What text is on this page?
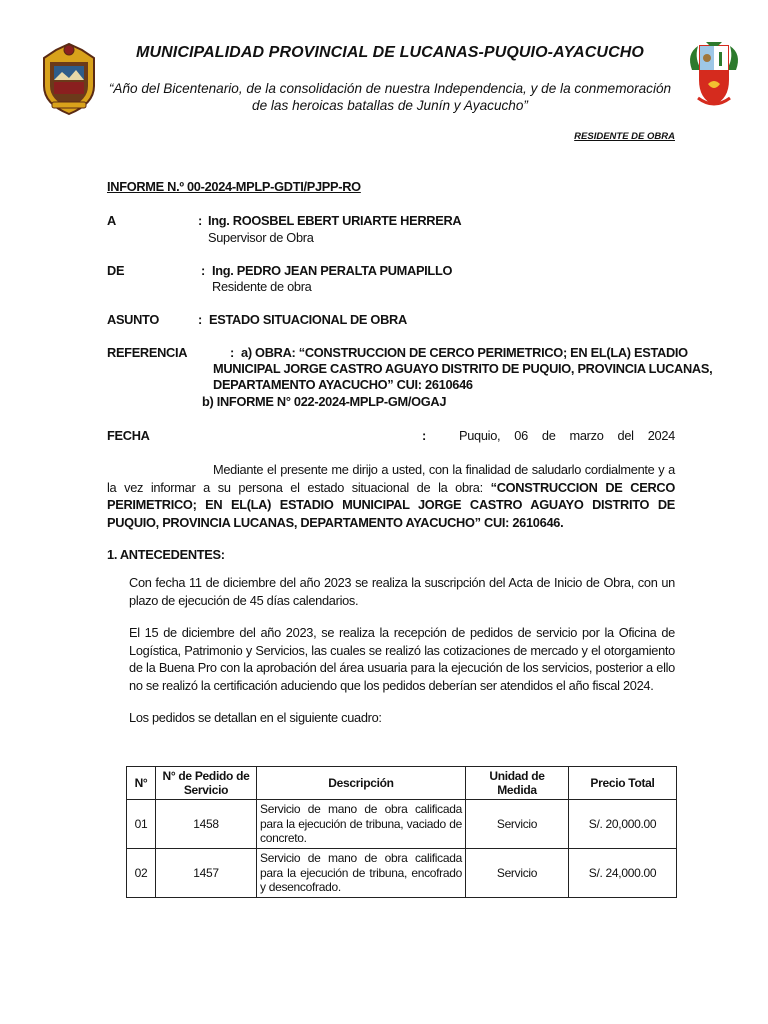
MUNICIPALIDAD PROVINCIAL DE LUCANAS-PUQUIO-AYACUCHO
“Año del Bicentenario, de la consolidación de nuestra Independencia, y de la conmemoración de las heroicas batallas de Junín y Ayacucho”
RESIDENTE DE OBRA
INFORME N.º 00-2024-MPLP-GDTI/PJPP-RO
A	: Ing. ROOSBEL EBERT URIARTE HERRERA
Supervisor de Obra
DE	: Ing. PEDRO JEAN PERALTA PUMAPILLO
Residente de obra
ASUNTO	: ESTADO SITUACIONAL DE OBRA
REFERENCIA	: a) OBRA: “CONSTRUCCION DE CERCO PERIMETRICO; EN EL(LA) ESTADIO
MUNICIPAL JORGE CASTRO AGUAYO DISTRITO DE PUQUIO, PROVINCIA LUCANAS,
DEPARTAMENTO AYACUCHO” CUI: 2610646
b) INFORME N° 022-2024-MPLP-GM/OGAJ
FECHA	:	Puquio, 06 de marzo del 2024
Mediante el presente me dirijo a usted, con la finalidad de saludarlo cordialmente y a la vez informar a su persona el estado situacional de la obra: “CONSTRUCCION DE CERCO PERIMETRICO; EN EL(LA) ESTADIO MUNICIPAL JORGE CASTRO AGUAYO DISTRITO DE PUQUIO, PROVINCIA LUCANAS, DEPARTAMENTO AYACUCHO” CUI: 2610646.
1. ANTECEDENTES:
Con fecha 11 de diciembre del año 2023 se realiza la suscripción del Acta de Inicio de Obra, con un plazo de ejecución de 45 días calendarios.
El 15 de diciembre del año 2023, se realiza la recepción de pedidos de servicio por la Oficina de Logística, Patrimonio y Servicios, las cuales se realizó las cotizaciones de mercado y el otorgamiento de la Buena Pro con la aprobación del área usuaria para la ejecución de los servicios, posterior a ello no se realizó la certificación aduciendo que los pedidos deberían ser atendidos el año fiscal 2024.
Los pedidos se detallan en el siguiente cuadro:
N°	N° de Pedido de Servicio	Descripción	Unidad de Medida	Precio Total
01	1458	Servicio de mano de obra calificada para la ejecución de tribuna, vaciado de concreto.	Servicio	S/. 20,000.00
02	1457	Servicio de mano de obra calificada para la ejecución de tribuna, encofrado y desencofrado.	Servicio	S/. 24,000.00
